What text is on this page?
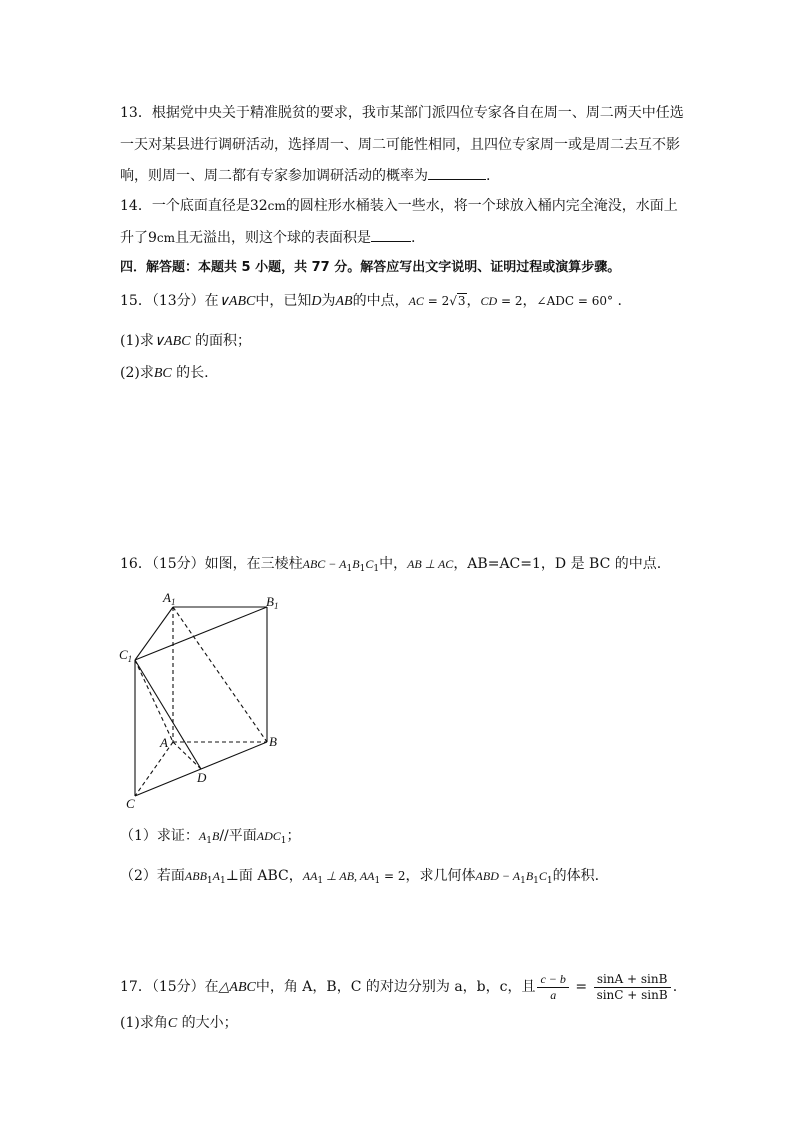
13．根据党中央关于精准脱贫的要求，我市某部门派四位专家各自在周一、周二两天中任选
一天对某县进行调研活动，选择周一、周二可能性相同，且四位专家周一或是周二去互不影
响，则周一、周二都有专家参加调研活动的概率为	.
14．一个底面直径是32cm的圆柱形水桶装入一些水，将一个球放入桶内完全淹没，水面上
升了9cm且无溢出，则这个球的表面积是	.
四．解答题：本题共 5 小题，共 77 分。解答应写出文字说明、证明过程或演算步骤。
15．（13分）在∨ABC中，已知D为AB的中点，AC = 2√3，CD = 2，∠ADC = 60° .
(1)求∨ABC 的面积；
(2)求BC 的长.
16．（15分）如图，在三棱柱ABC − $A_1B_1C_1$中，AB ⊥ AC，AB=AC=1，D 是 BC 的中点.
$A_1$	$B_1$
$C_1$
A	B
C
D
（1）求证：$A_1B//$平面$ADC_1$；
（2）若面$ABB_1A_1\perp$面 ABC，$AA_1$ ⊥ AB, $AA_1 = 2$，求几何体ABD − $A_1B_1C_1$的体积.
17．（15分）在△ABC中，角 A，B，C 的对边分别为 a，b，c，且 $\frac{c - b}{a} = \frac{\sin A + \sin B}{\sin C + \sin B}$ .
(1)求角C 的大小；
